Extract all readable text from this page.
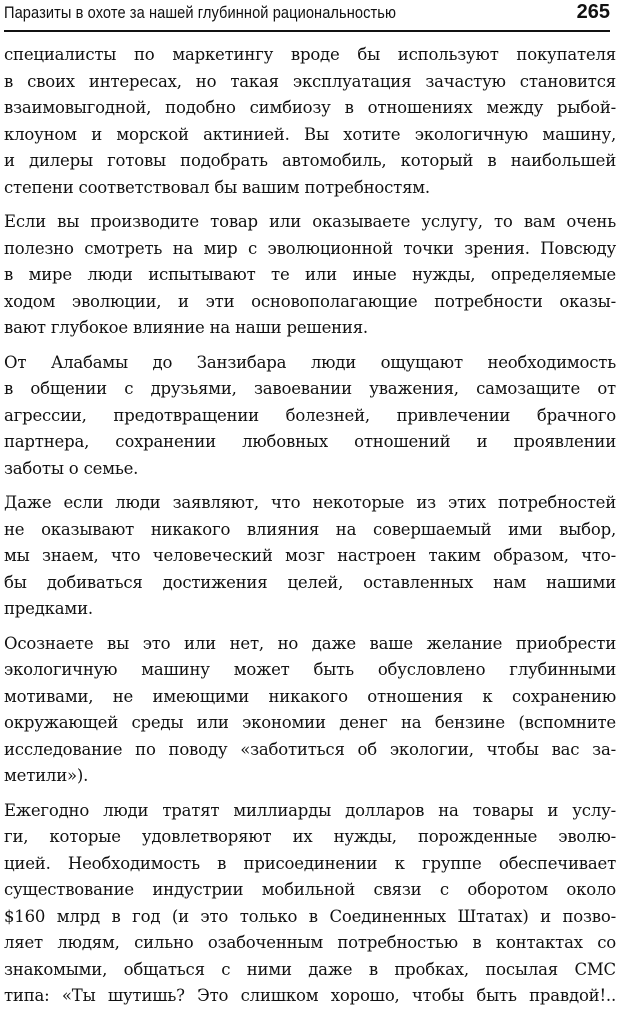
Паразиты в охоте за нашей глубинной рациональностью	265

специалисты по маркетингу вроде бы используют покупателя
в своих интересах, но такая эксплуатация зачастую становится
взаимовыгодной, подобно симбиозу в отношениях между рыбой-
клоуном и морской актинией. Вы хотите экологичную машину,
и дилеры готовы подобрать автомобиль, который в наибольшей
степени соответствовал бы вашим потребностям.

Если вы производите товар или оказываете услугу, то вам очень
полезно смотреть на мир с эволюционной точки зрения. Повсюду
в мире люди испытывают те или иные нужды, определяемые
ходом эволюции, и эти основополагающие потребности оказы-
вают глубокое влияние на наши решения.

От Алабамы до Занзибара люди ощущают необходимость
в общении с друзьями, завоевании уважения, самозащите от
агрессии, предотвращении болезней, привлечении брачного
партнера, сохранении любовных отношений и проявлении
заботы о семье.

Даже если люди заявляют, что некоторые из этих потребностей
не оказывают никакого влияния на совершаемый ими выбор,
мы знаем, что человеческий мозг настроен таким образом, что-
бы добиваться достижения целей, оставленных нам нашими
предками.

Осознаете вы это или нет, но даже ваше желание приобрести
экологичную машину может быть обусловлено глубинными
мотивами, не имеющими никакого отношения к сохранению
окружающей среды или экономии денег на бензине (вспомните
исследование по поводу «заботиться об экологии, чтобы вас за-
метили»).

Ежегодно люди тратят миллиарды долларов на товары и услу-
ги, которые удовлетворяют их нужды, порожденные эволю-
цией. Необходимость в присоединении к группе обеспечивает
существование индустрии мобильной связи с оборотом около
$160 млрд в год (и это только в Соединенных Штатах) и позво-
ляет людям, сильно озабоченным потребностью в контактах со
знакомыми, общаться с ними даже в пробках, посылая СМС
типа: «Ты шутишь? Это слишком хорошо, чтобы быть правдой!..
